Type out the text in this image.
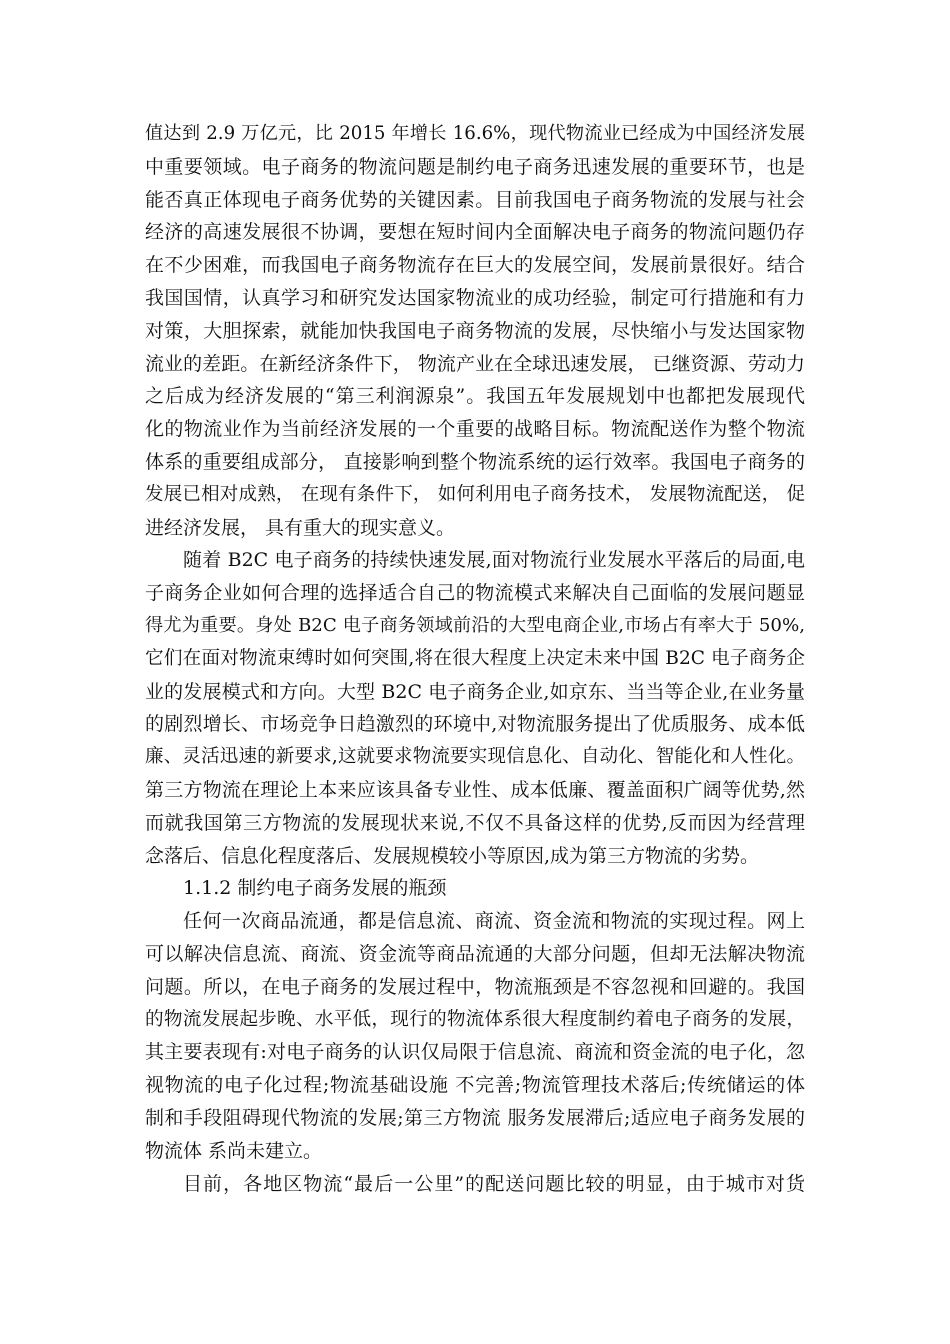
值达到 2.9 万亿元，比 2015 年增长 16.6%，现代物流业已经成为中国经济发展
中重要领域。电子商务的物流问题是制约电子商务迅速发展的重要环节，也是
能否真正体现电子商务优势的关键因素。目前我国电子商务物流的发展与社会
经济的高速发展很不协调，要想在短时间内全面解决电子商务的物流问题仍存
在不少困难，而我国电子商务物流存在巨大的发展空间，发展前景很好。结合
我国国情，认真学习和研究发达国家物流业的成功经验，制定可行措施和有力
对策，大胆探索，就能加快我国电子商务物流的发展，尽快缩小与发达国家物
流业的差距。在新经济条件下， 物流产业在全球迅速发展， 已继资源、劳动力
之后成为经济发展的“第三利润源泉”。我国五年发展规划中也都把发展现代
化的物流业作为当前经济发展的一个重要的战略目标。物流配送作为整个物流
体系的重要组成部分， 直接影响到整个物流系统的运行效率。我国电子商务的
发展已相对成熟， 在现有条件下， 如何利用电子商务技术， 发展物流配送， 促
进经济发展， 具有重大的现实意义。
随着 B2C 电子商务的持续快速发展,面对物流行业发展水平落后的局面,电
子商务企业如何合理的选择适合自己的物流模式来解决自己面临的发展问题显
得尤为重要。身处 B2C 电子商务领域前沿的大型电商企业,市场占有率大于 50%,
它们在面对物流束缚时如何突围,将在很大程度上决定未来中国 B2C 电子商务企
业的发展模式和方向。大型 B2C 电子商务企业,如京东、当当等企业,在业务量
的剧烈增长、市场竞争日趋激烈的环境中,对物流服务提出了优质服务、成本低
廉、灵活迅速的新要求,这就要求物流要实现信息化、自动化、智能化和人性化。
第三方物流在理论上本来应该具备专业性、成本低廉、覆盖面积广阔等优势,然
而就我国第三方物流的发展现状来说,不仅不具备这样的优势,反而因为经营理
念落后、信息化程度落后、发展规模较小等原因,成为第三方物流的劣势。
1.1.2 制约电子商务发展的瓶颈
任何一次商品流通，都是信息流、商流、资金流和物流的实现过程。网上
可以解决信息流、商流、资金流等商品流通的大部分问题，但却无法解决物流
问题。所以，在电子商务的发展过程中，物流瓶颈是不容忽视和回避的。我国
的物流发展起步晚、水平低，现行的物流体系很大程度制约着电子商务的发展，
其主要表现有:对电子商务的认识仅局限于信息流、商流和资金流的电子化，忽
视物流的电子化过程;物流基础设施 不完善;物流管理技术落后;传统储运的体
制和手段阻碍现代物流的发展;第三方物流 服务发展滞后;适应电子商务发展的
物流体 系尚未建立。
目前，各地区物流“最后一公里”的配送问题比较的明显，由于城市对货
